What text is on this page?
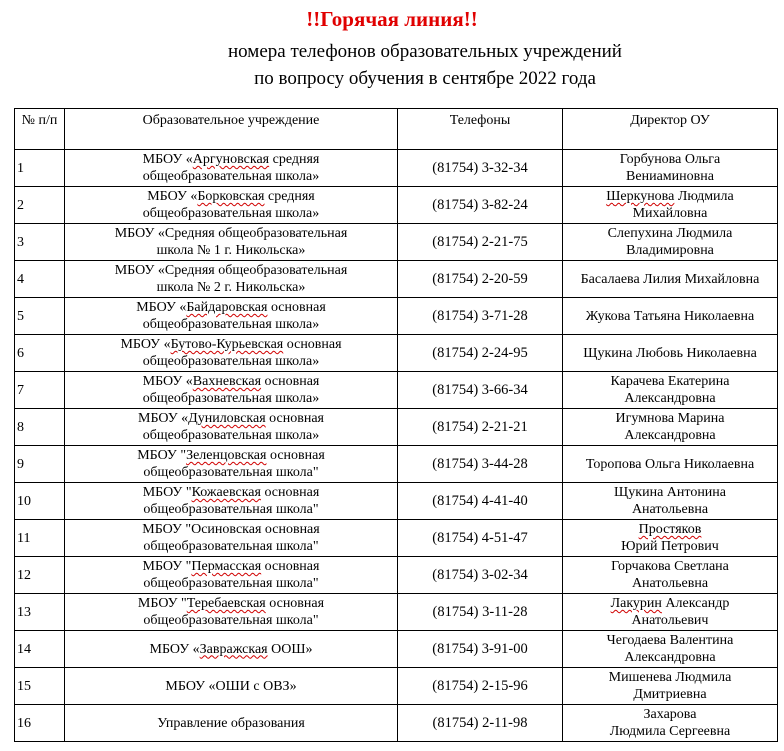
!!Горячая линия!!

номера телефонов образовательных учреждений

по вопросу обучения в сентябре 2022 года

№ п/п	Образовательное учреждение	Телефоны	Директор ОУ
1	МБОУ «Аргуновская средняя
общеобразовательная школа»	(81754) 3-32-34	Горбунова Ольга
Вениаминовна
2	МБОУ «Борковская средняя
общеобразовательная школа»	(81754) 3-82-24	Шеркунова Людмила
Михайловна
3	МБОУ «Средняя общеобразовательная
школа № 1 г. Никольска»	(81754) 2-21-75	Слепухина Людмила
Владимировна
4	МБОУ «Средняя общеобразовательная
школа № 2 г. Никольска»	(81754) 2-20-59	Басалаева Лилия Михайловна
5	МБОУ «Байдаровская основная
общеобразовательная школа»	(81754) 3-71-28	Жукова Татьяна Николаевна
6	МБОУ «Бутово-Курьевская основная
общеобразовательная школа»	(81754) 2-24-95	Щукина Любовь Николаевна
7	МБОУ «Вахневская основная
общеобразовательная школа»	(81754) 3-66-34	Карачева Екатерина
Александровна
8	МБОУ «Дуниловская основная
общеобразовательная школа»	(81754) 2-21-21	Игумнова Марина
Александровна
9	МБОУ "Зеленцовская основная
общеобразовательная школа"	(81754) 3-44-28	Торопова Ольга Николаевна
10	МБОУ "Кожаевская основная
общеобразовательная школа"	(81754) 4-41-40	Щукина Антонина
Анатольевна
11	МБОУ "Осиновская основная
общеобразовательная школа"	(81754) 4-51-47	Простяков
Юрий Петрович
12	МБОУ "Пермасская основная
общеобразовательная школа"	(81754) 3-02-34	Горчакова Светлана
Анатольевна
13	МБОУ "Теребаевская основная
общеобразовательная школа"	(81754) 3-11-28	Лакурин Александр
Анатольевич
14	МБОУ «Завражская ООШ»	(81754) 3-91-00	Чегодаева Валентина
Александровна
15	МБОУ «ОШИ с ОВЗ»	(81754) 2-15-96	Мишенева Людмила
Дмитриевна
16	Управление образования	(81754) 2-11-98	Захарова
Людмила Сергеевна
